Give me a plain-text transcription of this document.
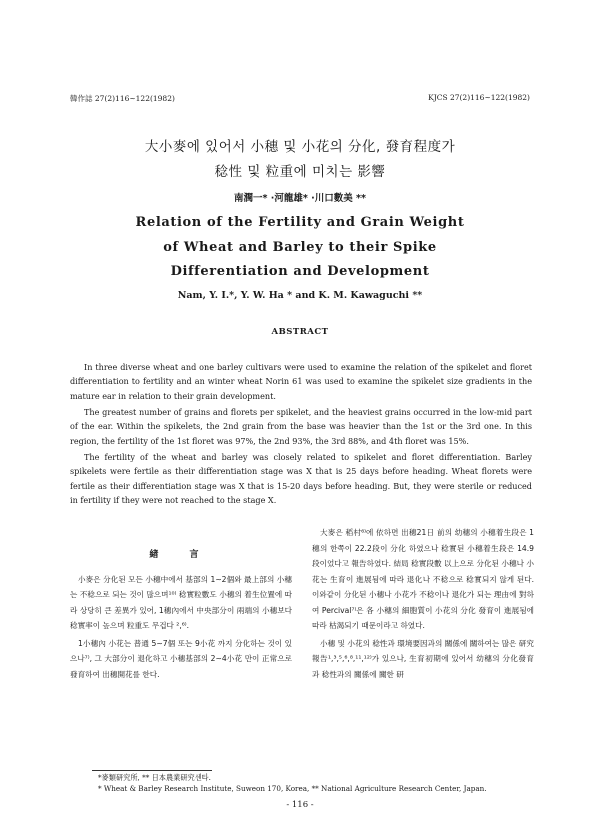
韓作誌 27(2)116~122(1982)	KJCS 27(2)116~122(1982)
大小麥에 있어서 小穗 및 小花의 分化, 發育程度가
稔性 및 粒重에 미치는 影響
南潤一* ·河龍雄* ·川口數美 **
Relation of the Fertility and Grain Weight
of Wheat and Barley to their Spike
Differentiation and Development
Nam, Y. I.*, Y. W. Ha * and K. M. Kawaguchi **
ABSTRACT

In three diverse wheat and one barley cultivars were used to examine the relation of the spikelet and floret differentiation to fertility and an winter wheat Norin 61 was used to examine the spikelet size gradients in the mature ear in relation to their grain development.

The greatest number of grains and florets per spikelet, and the heaviest grains occurred in the low-mid part of the ear. Within the spikelets, the 2nd grain from the base was heavier than the 1st or the 3rd one. In this region, the fertility of the 1st floret was 97%, the 2nd 93%, the 3rd 88%, and 4th floret was 15%.

The fertility of the wheat and barley was closely related to spikelet and floret differentiation. Barley spikelets were fertile as their differentiation stage was X that is 25 days before heading. Wheat florets were fertile as their differentiation stage was X that is 15-20 days before heading. But, they were sterile or reduced in fertility if they were not reached to the stage X.

緖 言

小麥은 分化된 모든 小穗中에서 基部의 1~2個와 最上部의 小穗는 不稔으로 되는 것이 많으며¹⁰⁾ 稔實粒數도 小穗의 着生位置에 따라 상당히 큰 差異가 있어, 1穗內에서 中央部分이 兩端의 小穗보다 稔實率이 높으며 粒重도 무겁다 ²,⁶⁾.

1小穗內 小花는 普通 5~7個 또는 9小花 까지 分化하는 것이 있으나⁷⁾, 그 大部分이 退化하고 小穗基部의 2~4小花 만이 正常으로 發育하여 出穗開花를 한다.

大麥은 稻村⁶⁾에 依하면 出穗21日 前의 幼穗의 小穗着生段은 1穗의 한쪽이 22.2段이 分化 하였으나 稔實된 小穗着生段은 14.9段이었다고 報告하였다. 結局 稔實段數 以上으로 分化된 小穗나 小花는 生育이 進展됨에 따라 退化나 不稔으로 稔實되지 않게 된다. 이와같이 分化된 小穗나 小花가 不稔이나 退化가 되는 理由에 對하여 Percival⁷⁾은 各 小穗의 細胞質이 小花의 分化 發育이 進展됨에 따라 枯渴되기 때문이라고 하였다.

小穗 및 小花의 稔性과 環境要因과의 關係에 關하여는 많은 研究報告¹,³,⁵,⁶,⁸,¹¹,¹²⁾가 있으나, 生育初期에 있어서 幼穗의 分化發育과 稔性과의 關係에 關한 研

*麥類研究所, ** 日本農業研究센타.
* Wheat & Barley Research Institute, Suweon 170, Korea, ** National Agriculture Research Center, Japan.
- 116 -
